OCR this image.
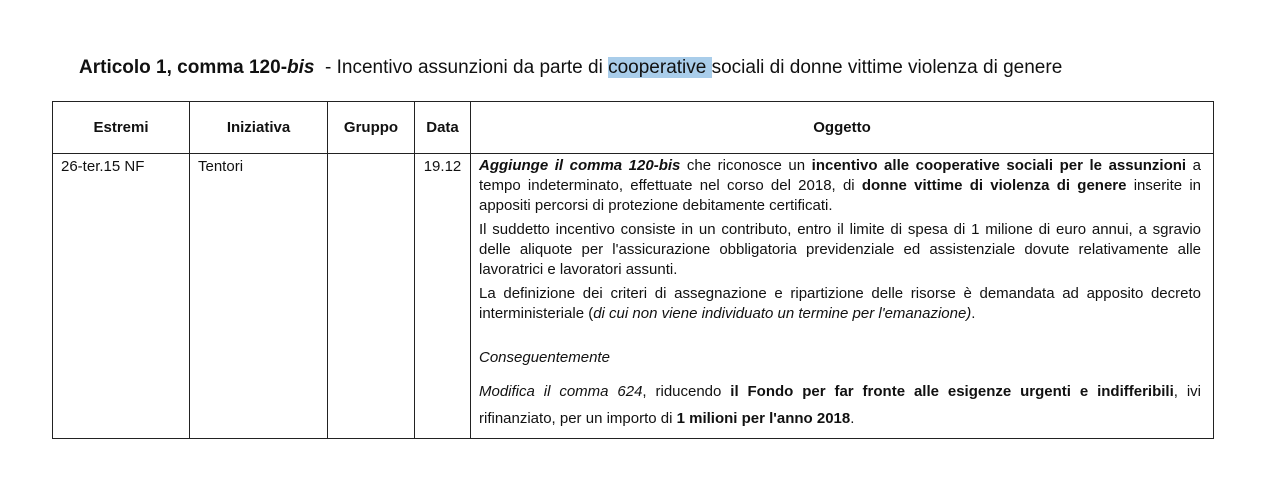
Articolo 1, comma 120-bis  - Incentivo assunzioni da parte di cooperative sociali di donne vittime violenza di genere
Estremi	Iniziativa	Gruppo	Data	Oggetto
26-ter.15 NF	Tentori		19.12	Aggiunge il comma 120-bis che riconosce un incentivo alle cooperative sociali per le assunzioni a tempo indeterminato, effettuate nel corso del 2018, di donne vittime di violenza di genere inserite in appositi percorsi di protezione debitamente certificati.

Il suddetto incentivo consiste in un contributo, entro il limite di spesa di 1 milione di euro annui, a sgravio delle aliquote per l'assicurazione obbligatoria previdenziale ed assistenziale dovute relativamente alle lavoratrici e lavoratori assunti.

La definizione dei criteri di assegnazione e ripartizione delle risorse è demandata ad apposito decreto interministeriale (di cui non viene individuato un termine per l'emanazione).

Conseguentemente

Modifica il comma 624, riducendo il Fondo per far fronte alle esigenze urgenti e indifferibili, ivi rifinanziato, per un importo di 1 milioni per l'anno 2018.
